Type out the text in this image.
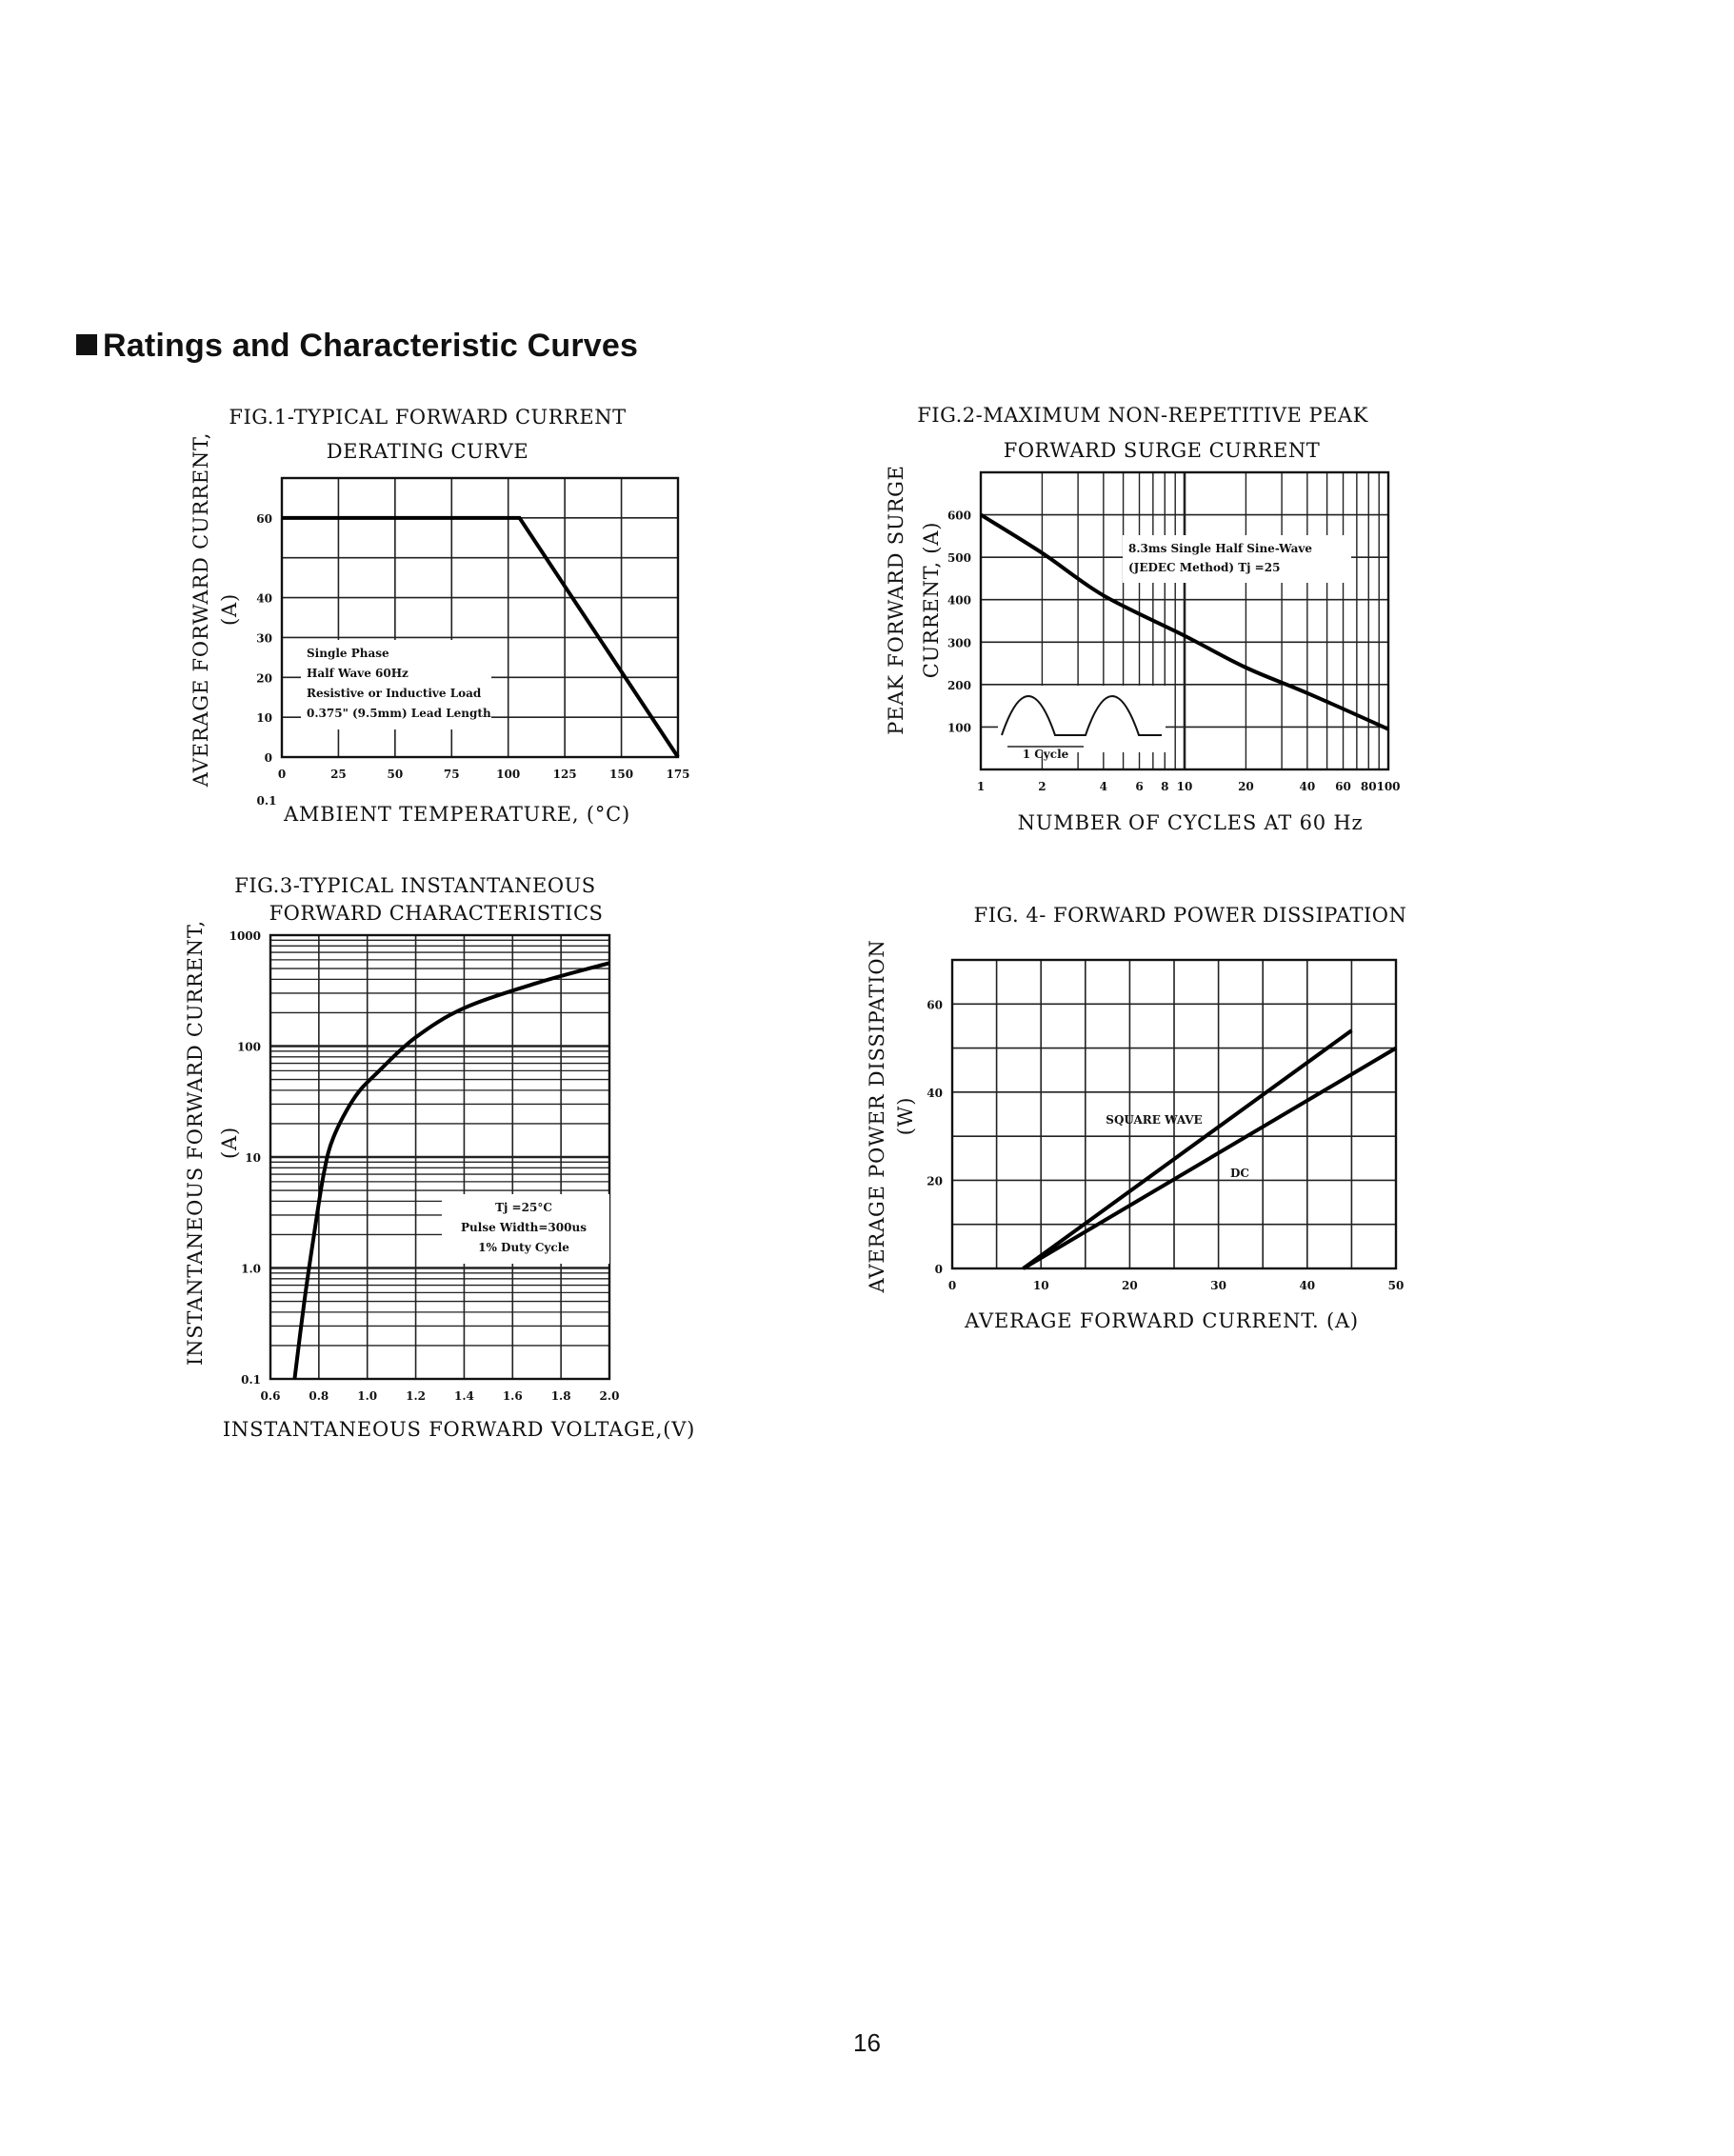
Ratings and Characteristic Curves
FIG.1-TYPICAL FORWARD CURRENT
DERATING CURVE
AMBIENT TEMPERATURE, (°C)
AVERAGE FORWARD CURRENT, (A)
0	25	50	75	100	125	150	175
0
10
20
30
40
60
0.1
Single Phase
Half Wave 60Hz
Resistive or Inductive Load
0.375" (9.5mm) Lead Length
FIG.2-MAXIMUM NON-REPETITIVE PEAK
FORWARD SURGE CURRENT
NUMBER OF CYCLES AT 60 Hz
PEAK FORWARD SURGE CURRENT, (A)
1	2	4 6 8 10	20	40 60 80 100
100
200
300
400
500
600
8.3ms Single Half Sine-Wave
(JEDEC Method) Tj =25
1 Cycle
FIG.3-TYPICAL INSTANTANEOUS
FORWARD CHARACTERISTICS
INSTANTANEOUS FORWARD VOLTAGE,(V)
INSTANTANEOUS FORWARD CURRENT, (A)
0.6 0.8 1.0 1.2 1.4 1.6 1.8 2.0
0.1
1.0
10
100
1000
Tj =25°C
Pulse Width=300us
1% Duty Cycle
FIG. 4- FORWARD POWER DISSIPATION
AVERAGE FORWARD CURRENT. (A)
AVERAGE POWER DISSIPATION (W)
0	10	20	30	40	50
0
20
40
60
SQUARE WAVE
DC
16
